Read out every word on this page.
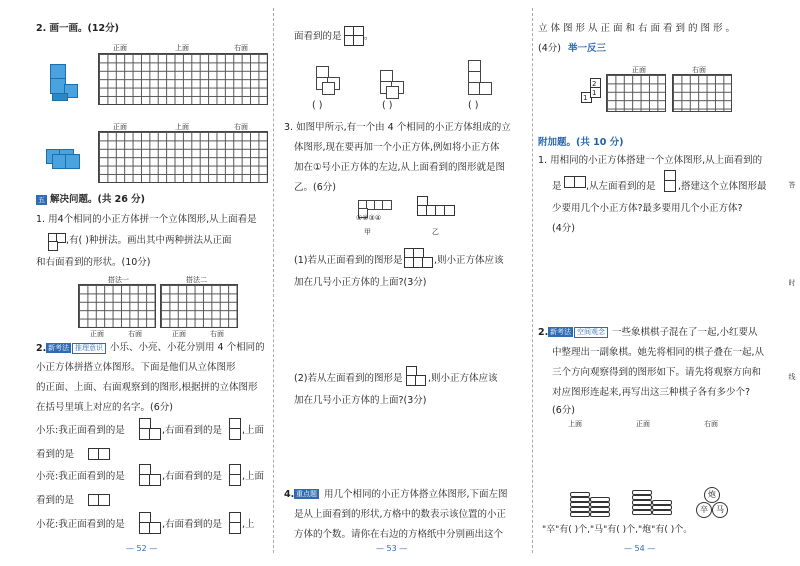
2. 画一画。(12分)
正面	上面	右面
正面	上面	右面
五 解决问题。(共 26 分)
1. 用4个相同的小正方体拼一个立体图形,从上面看是
,有( )种拼法。画出其中两种拼法从正面
和右面看到的形状。(10分)
搭法一	搭法二
正面	右面	正面	右面
2. 新考法 推理意识 小乐、小亮、小花分别用 4 个相同的
小正方体拼搭立体图形。下面是他们从立体图形
的正面、上面、右面观察到的图形,根据拼的立体图形
在括号里填上对应的名字。(6分)
小乐:我正面看到的是	,右面看到的是 ,上面
看到的是
小亮:我正面看到的是	,右面看到的是 ,上面
看到的是
小花:我正面看到的是	,右面看到的是 ,上
— 52 —
面看到的是 。
( )	( )	( )
3. 如图甲所示,有一个由 4 个相同的小正方体组成的立
体图形,现在要再加一个小正方体,例如将小正方体
加在①号小正方体的左边,从上面看到的图形就是图
乙。(6分)
①②③④
甲	乙
(1)若从正面看到的图形是	,则小正方体应该
加在几号小正方体的上面?(3分)
(2)若从左面看到的图形是	,则小正方体应该
加在几号小正方体的上面?(3分)
4. 重点题 用几个相同的小正方体搭立体图形,下面左图
是从上面看到的形状,方格中的数表示该位置的小正
方体的个数。请你在右边的方格纸中分别画出这个
— 53 —
立体图形从正面和右面看到的图形。
(4分) 举一反三
2
1
1
正面	右面
附加题。(共 10 分)
1. 用相同的小正方体搭建一个立体图形,从上面看到的
是	,从左面看到的是 ,搭建这个立体图形最
少要用几个小正方体?最多要用几个小正方体?
(4分)
2. 新考法 空间观念 一些象棋棋子混在了一起,小红要从
中整理出一副象棋。她先将相同的棋子叠在一起,从
三个方向观察得到的图形如下。请先将观察方向和
对应图形连起来,再写出这三种棋子各有多少个?
(6分)
上面	正面	右面
炮
卒	马
"卒"有( )个,"马"有( )个,"炮"有( )个。
答
时
线
— 54 —
